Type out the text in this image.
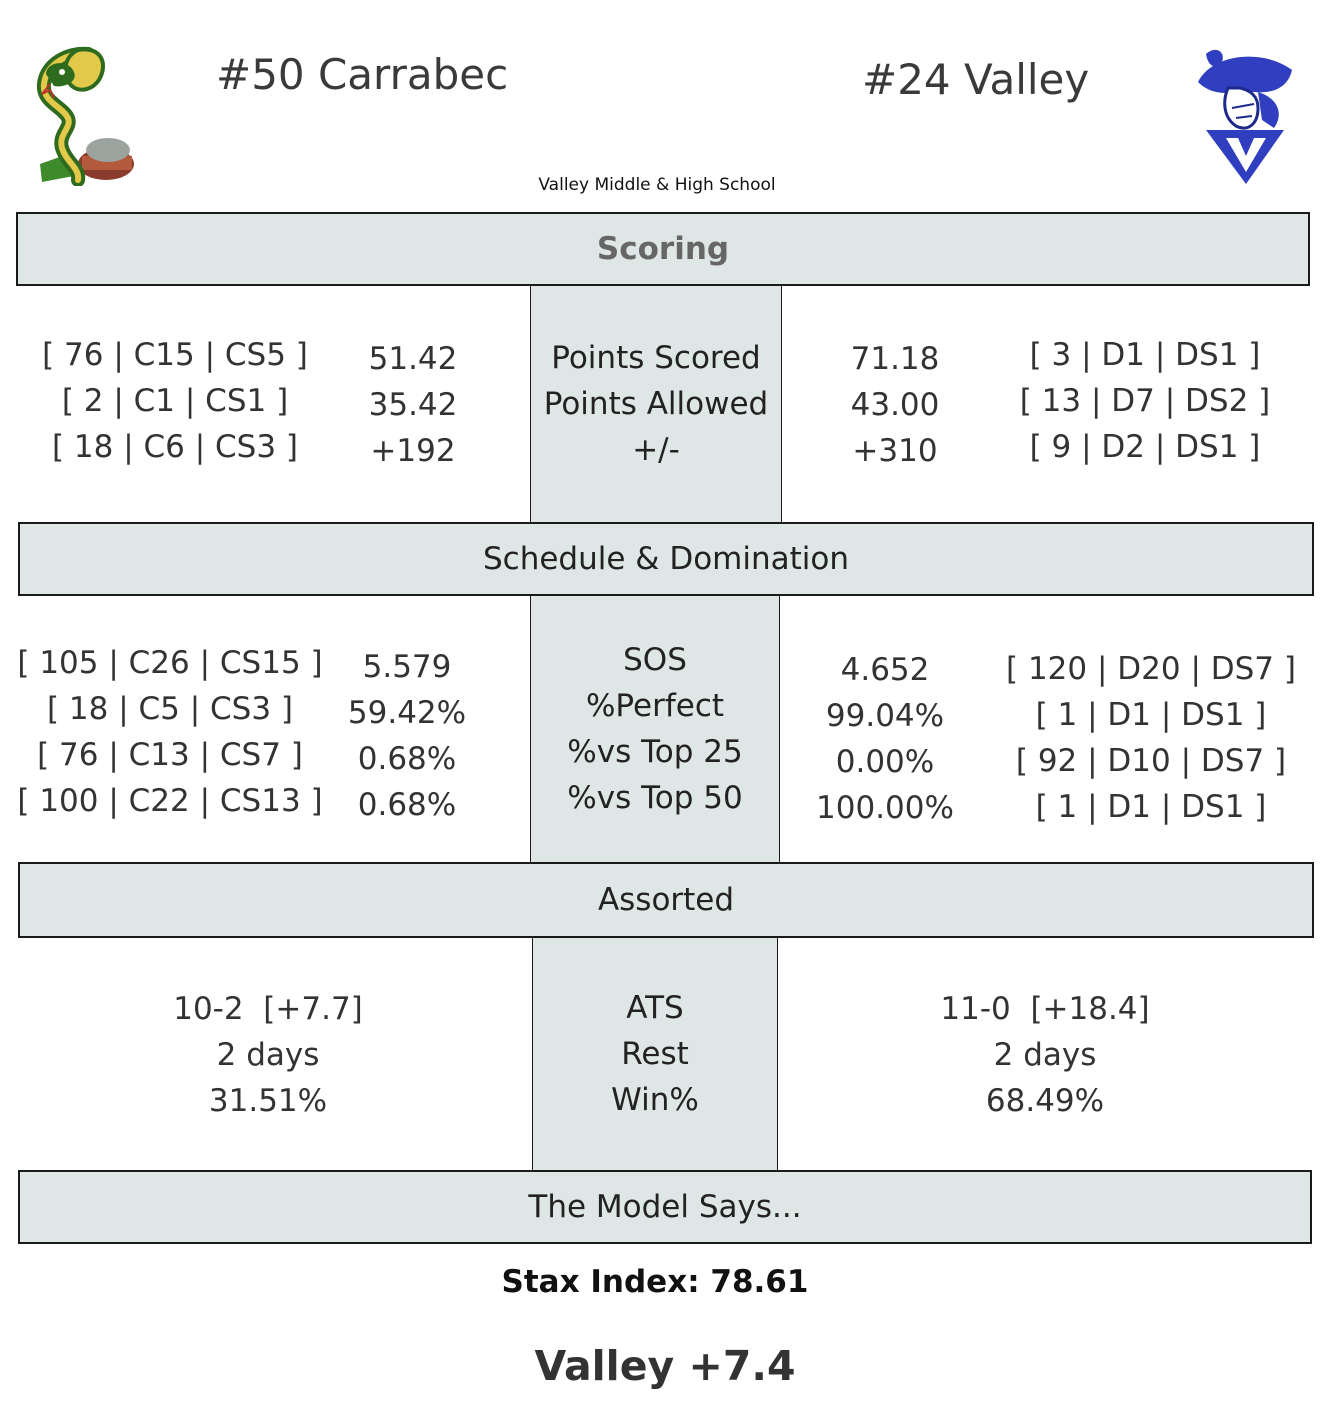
#50 Carrabec	#24 Valley
Valley Middle & High School
Scoring
Points Scored
Points Allowed
+/-
[ 76 | C15 | CS5 ]
[ 2 | C1 | CS1 ]
[ 18 | C6 | CS3 ]
51.42
35.42
+192
71.18
43.00
+310
[ 3 | D1 | DS1 ]
[ 13 | D7 | DS2 ]
[ 9 | D2 | DS1 ]
Schedule & Domination
SOS
%Perfect
%vs Top 25
%vs Top 50
[ 105 | C26 | CS15 ]
[ 18 | C5 | CS3 ]
[ 76 | C13 | CS7 ]
[ 100 | C22 | CS13 ]
5.579
59.42%
0.68%
0.68%
4.652
99.04%
0.00%
100.00%
[ 120 | D20 | DS7 ]
[ 1 | D1 | DS1 ]
[ 92 | D10 | DS7 ]
[ 1 | D1 | DS1 ]
Assorted
ATS
Rest
Win%
10-2  [+7.7]
2 days
31.51%
11-0  [+18.4]
2 days
68.49%
The Model Says...
Stax Index: 78.61
Valley +7.4
